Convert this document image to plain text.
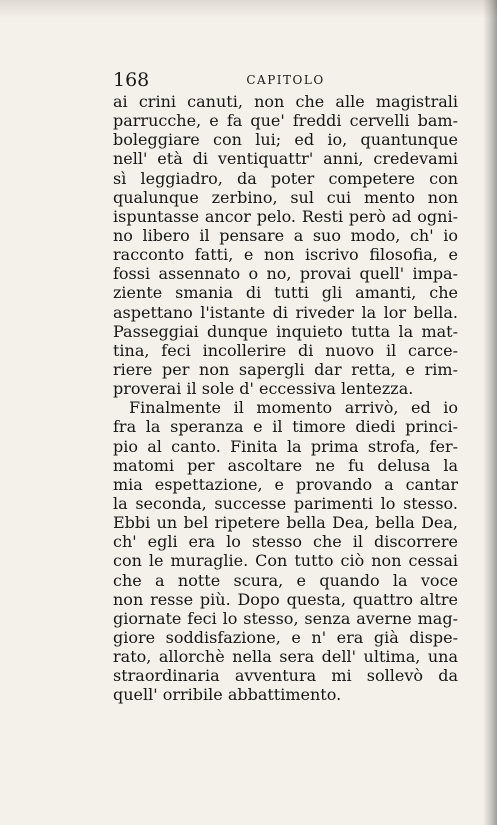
168	CAPITOLO
ai crini canuti, non che alle magistrali
parrucche, e fa que' freddi cervelli bam-
boleggiare con lui; ed io, quantunque
nell' età di ventiquattr' anni, credevami
sì leggiadro, da poter competere con
qualunque zerbino, sul cui mento non
ispuntasse ancor pelo. Resti però ad ogni-
no libero il pensare a suo modo, ch' io
racconto fatti, e non iscrivo filosofia, e
fossi assennato o no, provai quell' impa-
ziente smania di tutti gli amanti, che
aspettano l'istante di riveder la lor bella.
Passeggiai dunque inquieto tutta la mat-
tina, feci incollerire di nuovo il carce-
riere per non sapergli dar retta, e rim-
proverai il sole d' eccessiva lentezza.
Finalmente il momento arrivò, ed io
fra la speranza e il timore diedi princi-
pio al canto. Finita la prima strofa, fer-
matomi per ascoltare ne fu delusa la
mia espettazione, e provando a cantar
la seconda, successe parimenti lo stesso.
Ebbi un bel ripetere bella Dea, bella Dea,
ch' egli era lo stesso che il discorrere
con le muraglie. Con tutto ciò non cessai
che a notte scura, e quando la voce
non resse più. Dopo questa, quattro altre
giornate feci lo stesso, senza averne mag-
giore soddisfazione, e n' era già dispe-
rato, allorchè nella sera dell' ultima, una
straordinaria avventura mi sollevò da
quell' orribile abbattimento.
